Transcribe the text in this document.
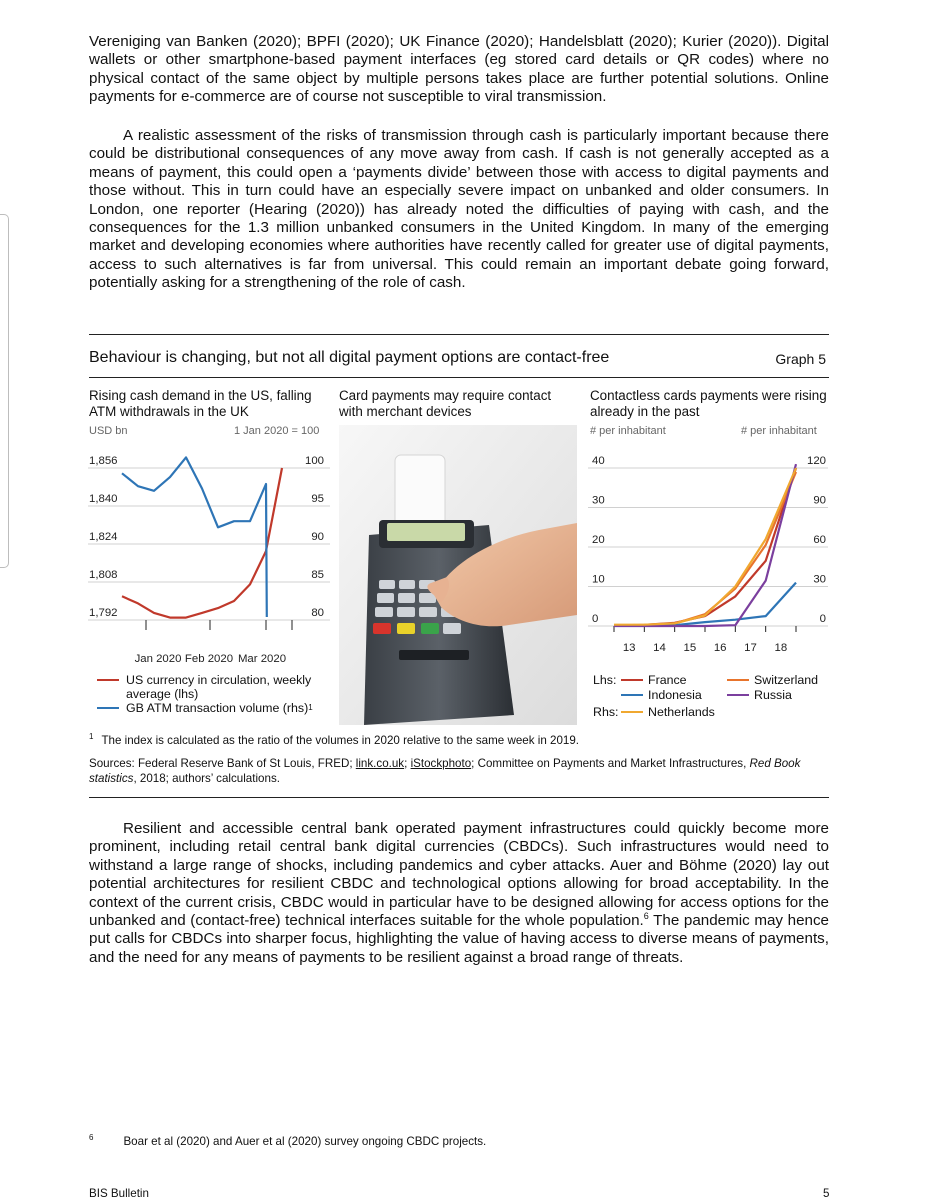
Vereniging van Banken (2020); BPFI (2020); UK Finance (2020); Handelsblatt (2020); Kurier (2020)). Digital wallets or other smartphone-based payment interfaces (eg stored card details or QR codes) where no physical contact of the same object by multiple persons takes place are further potential solutions. Online payments for e-commerce are of course not susceptible to viral transmission.

A realistic assessment of the risks of transmission through cash is particularly important because there could be distributional consequences of any move away from cash. If cash is not generally accepted as a means of payment, this could open a ‘payments divide’ between those with access to digital payments and those without. This in turn could have an especially severe impact on unbanked and older consumers. In London, one reporter (Hearing (2020)) has already noted the difficulties of paying with cash, and the consequences for the 1.3 million unbanked consumers in the United Kingdom. In many of the emerging market and developing economies where authorities have recently called for greater use of digital payments, access to such alternatives is far from universal. This could remain an important debate going forward, potentially asking for a strengthening of the role of cash.

Behaviour is changing, but not all digital payment options are contact-free	Graph 5
Rising cash demand in the US, falling ATM withdrawals in the UK
Card payments may require contact with merchant devices
Contactless cards payments were rising already in the past
USD bn	1 Jan 2020 = 100	# per inhabitant	# per inhabitant
1,856
1,840
1,824
1,808
1,792
100
95
90
85
80
Jan 2020 Feb 2020 Mar 2020
40
30
20
10
0
120
90
60
30
0
13 14 15 16 17 18
US currency in circulation, weekly average (lhs)
GB ATM transaction volume (rhs) 1
Lhs:	France	Switzerland
Indonesia	Russia
Rhs: Netherlands
$^1$ The index is calculated as the ratio of the volumes in 2020 relative to the same week in 2019.
Sources: Federal Reserve Bank of St Louis, FRED; link.co.uk; iStockphoto; Committee on Payments and Market Infrastructures, Red Book statistics, 2018; authors’ calculations.

Resilient and accessible central bank operated payment infrastructures could quickly become more prominent, including retail central bank digital currencies (CBDCs). Such infrastructures would need to withstand a large range of shocks, including pandemics and cyber attacks. Auer and Böhme (2020) lay out potential architectures for resilient CBDC and technological options allowing for broad acceptability. In the context of the current crisis, CBDC would in particular have to be designed allowing for access options for the unbanked and (contact-free) technical interfaces suitable for the whole population.$^6$ The pandemic may hence put calls for CBDCs into sharper focus, highlighting the value of having access to diverse means of payments, and the need for any means of payments to be resilient against a broad range of threats.

$^6$	Boar et al (2020) and Auer et al (2020) survey ongoing CBDC projects.
BIS Bulletin	5
